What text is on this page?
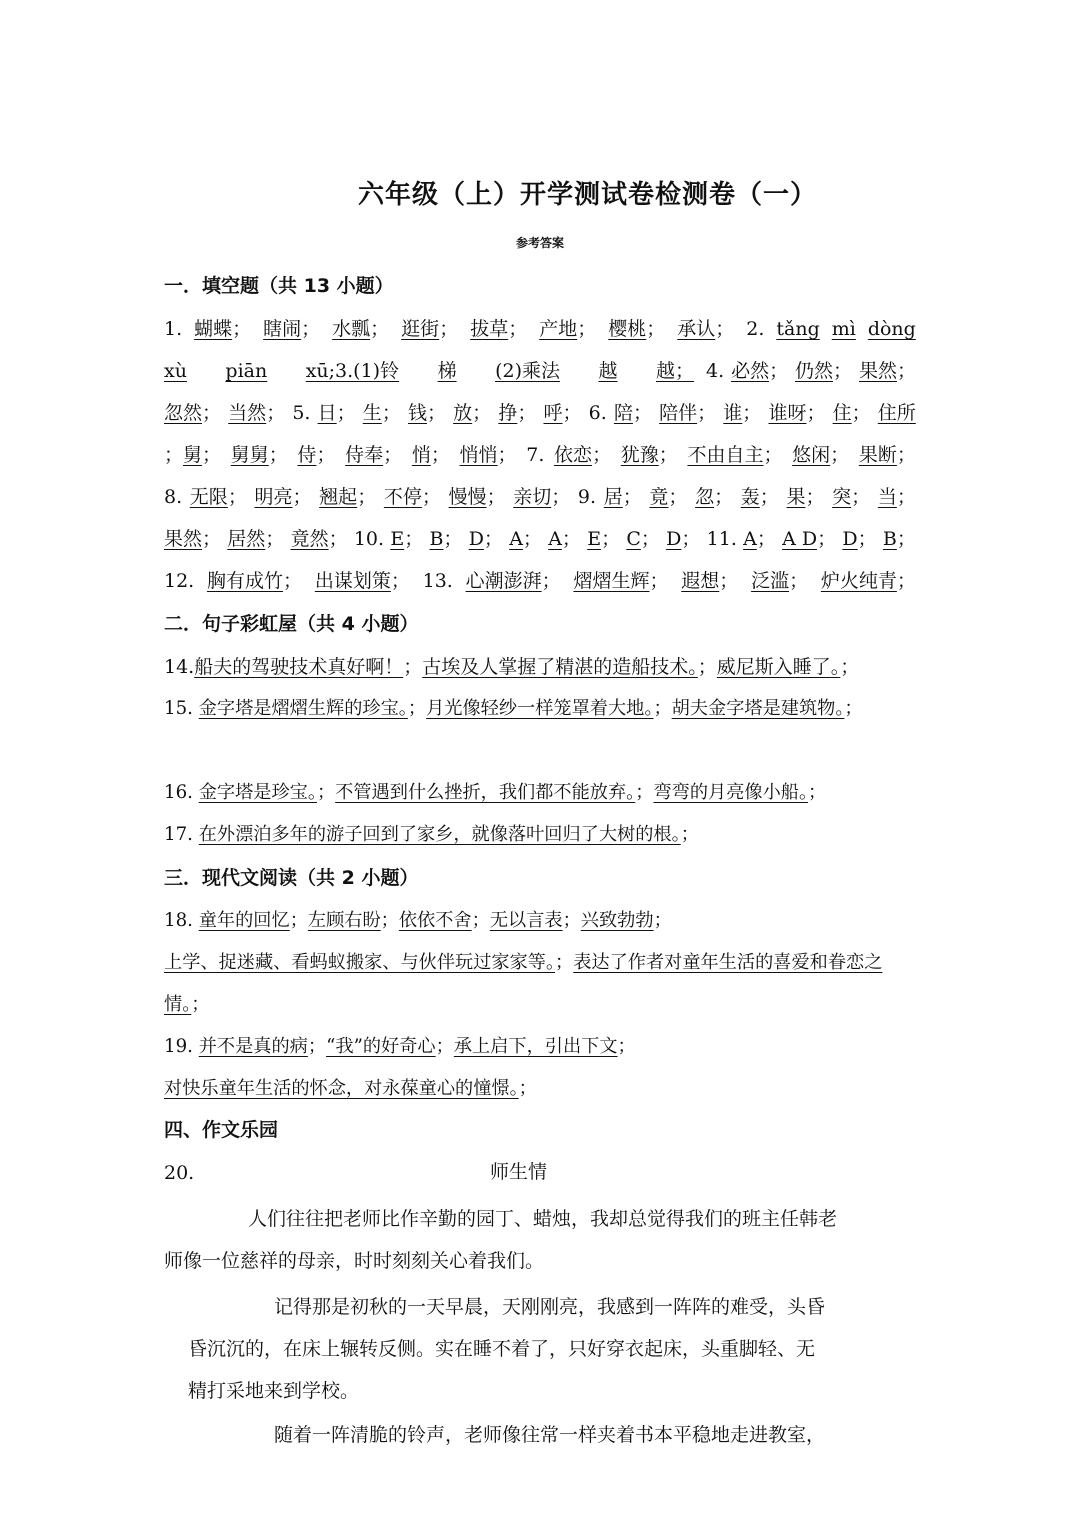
六年级（上）开学测试卷检测卷（一）

参考答案

一．填空题（共 13 小题）

1. 蝴蝶； 瞎闹； 水瓢； 逛街； 拔草； 产地； 樱桃； 承认； 2. tǎng mì dòng
xù piān xū;3.(1)铃 梯 (2)乘法 越 越； 4. 必然； 仍然； 果然；
忽然； 当然； 5. 日； 生； 钱； 放； 挣； 呼； 6. 陪； 陪伴； 谁； 谁呀； 住； 住所
；舅； 舅舅； 侍； 侍奉； 悄； 悄悄； 7. 依恋； 犹豫； 不由自主； 悠闲； 果断；
8. 无限； 明亮； 翘起； 不停； 慢慢； 亲切； 9. 居； 竟； 忽； 轰； 果； 突； 当；
果然； 居然； 竟然； 10. E； B； D； A； A； E； C； D； 11. A； A D； D； B；
12. 胸有成竹； 出谋划策； 13. 心潮澎湃； 熠熠生辉； 遐想； 泛滥； 炉火纯青；

二．句子彩虹屋（共 4 小题）

14.船夫的驾驶技术真好啊！；古埃及人掌握了精湛的造船技术。；威尼斯入睡了。；
15. 金字塔是熠熠生辉的珍宝。；月光像轻纱一样笼罩着大地。；胡夫金字塔是建筑物。；
16. 金字塔是珍宝。；不管遇到什么挫折，我们都不能放弃。；弯弯的月亮像小船。；
17. 在外漂泊多年的游子回到了家乡，就像落叶回归了大树的根。；

三．现代文阅读（共 2 小题）

18. 童年的回忆；左顾右盼；依依不舍；无以言表；兴致勃勃；
上学、捉迷藏、看蚂蚁搬家、与伙伴玩过家家等。；表达了作者对童年生活的喜爱和眷恋之情。；
19. 并不是真的病；“我”的好奇心；承上启下，引出下文；
对快乐童年生活的怀念，对永葆童心的憧憬。；

四、作文乐园

20.	师生情
人们往往把老师比作辛勤的园丁、蜡烛，我却总觉得我们的班主任韩老
师像一位慈祥的母亲，时时刻刻关心着我们。
记得那是初秋的一天早晨，天刚刚亮，我感到一阵阵的难受，头昏
昏沉沉的，在床上辗转反侧。实在睡不着了，只好穿衣起床，头重脚轻、无
精打采地来到学校。
随着一阵清脆的铃声，老师像往常一样夹着书本平稳地走进教室，
